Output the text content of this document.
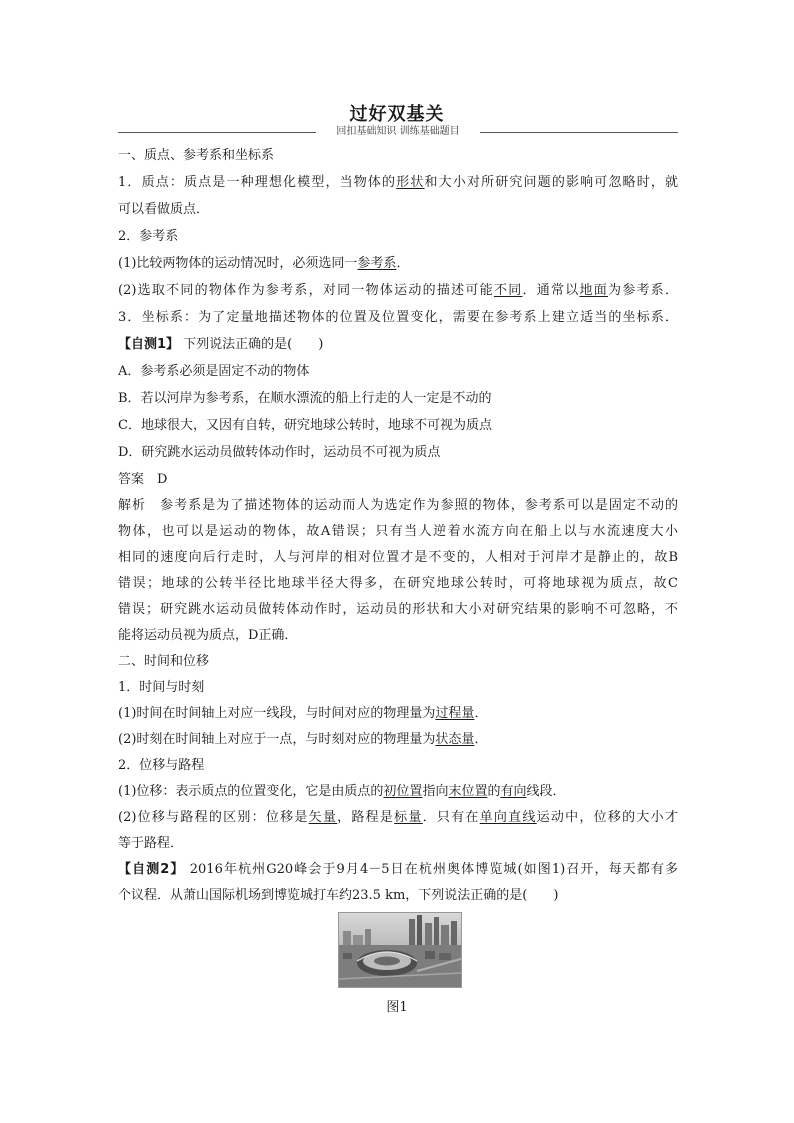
过好双基关
回扣基础知识 训练基础题目
一、质点、参考系和坐标系
1．质点：质点是一种理想化模型，当物体的形状和大小对所研究问题的影响可忽略时，就
可以看做质点．
2．参考系
(1)比较两物体的运动情况时，必须选同一参考系．
(2)选取不同的物体作为参考系，对同一物体运动的描述可能不同．通常以地面为参考系．
3．坐标系：为了定量地描述物体的位置及位置变化，需要在参考系上建立适当的坐标系．
【自测1】 下列说法正确的是(　　)
A．参考系必须是固定不动的物体
B．若以河岸为参考系，在顺水漂流的船上行走的人一定是不动的
C．地球很大，又因有自转，研究地球公转时，地球不可视为质点
D．研究跳水运动员做转体动作时，运动员不可视为质点
答案　D
解析　参考系是为了描述物体的运动而人为选定作为参照的物体，参考系可以是固定不动的
物体，也可以是运动的物体，故A错误；只有当人逆着水流方向在船上以与水流速度大小
相同的速度向后行走时，人与河岸的相对位置才是不变的，人相对于河岸才是静止的，故B
错误；地球的公转半径比地球半径大得多，在研究地球公转时，可将地球视为质点，故C
错误；研究跳水运动员做转体动作时，运动员的形状和大小对研究结果的影响不可忽略，不
能将运动员视为质点，D正确．
二、时间和位移
1．时间与时刻
(1)时间在时间轴上对应一线段，与时间对应的物理量为过程量．
(2)时刻在时间轴上对应于一点，与时刻对应的物理量为状态量．
2．位移与路程
(1)位移：表示质点的位置变化，它是由质点的初位置指向末位置的有向线段．
(2)位移与路程的区别：位移是矢量，路程是标量．只有在单向直线运动中，位移的大小才
等于路程．
【自测2】 2016年杭州G20峰会于9月4－5日在杭州奥体博览城(如图1)召开，每天都有多
个议程．从萧山国际机场到博览城打车约23.5 km，下列说法正确的是(　　)
图1
